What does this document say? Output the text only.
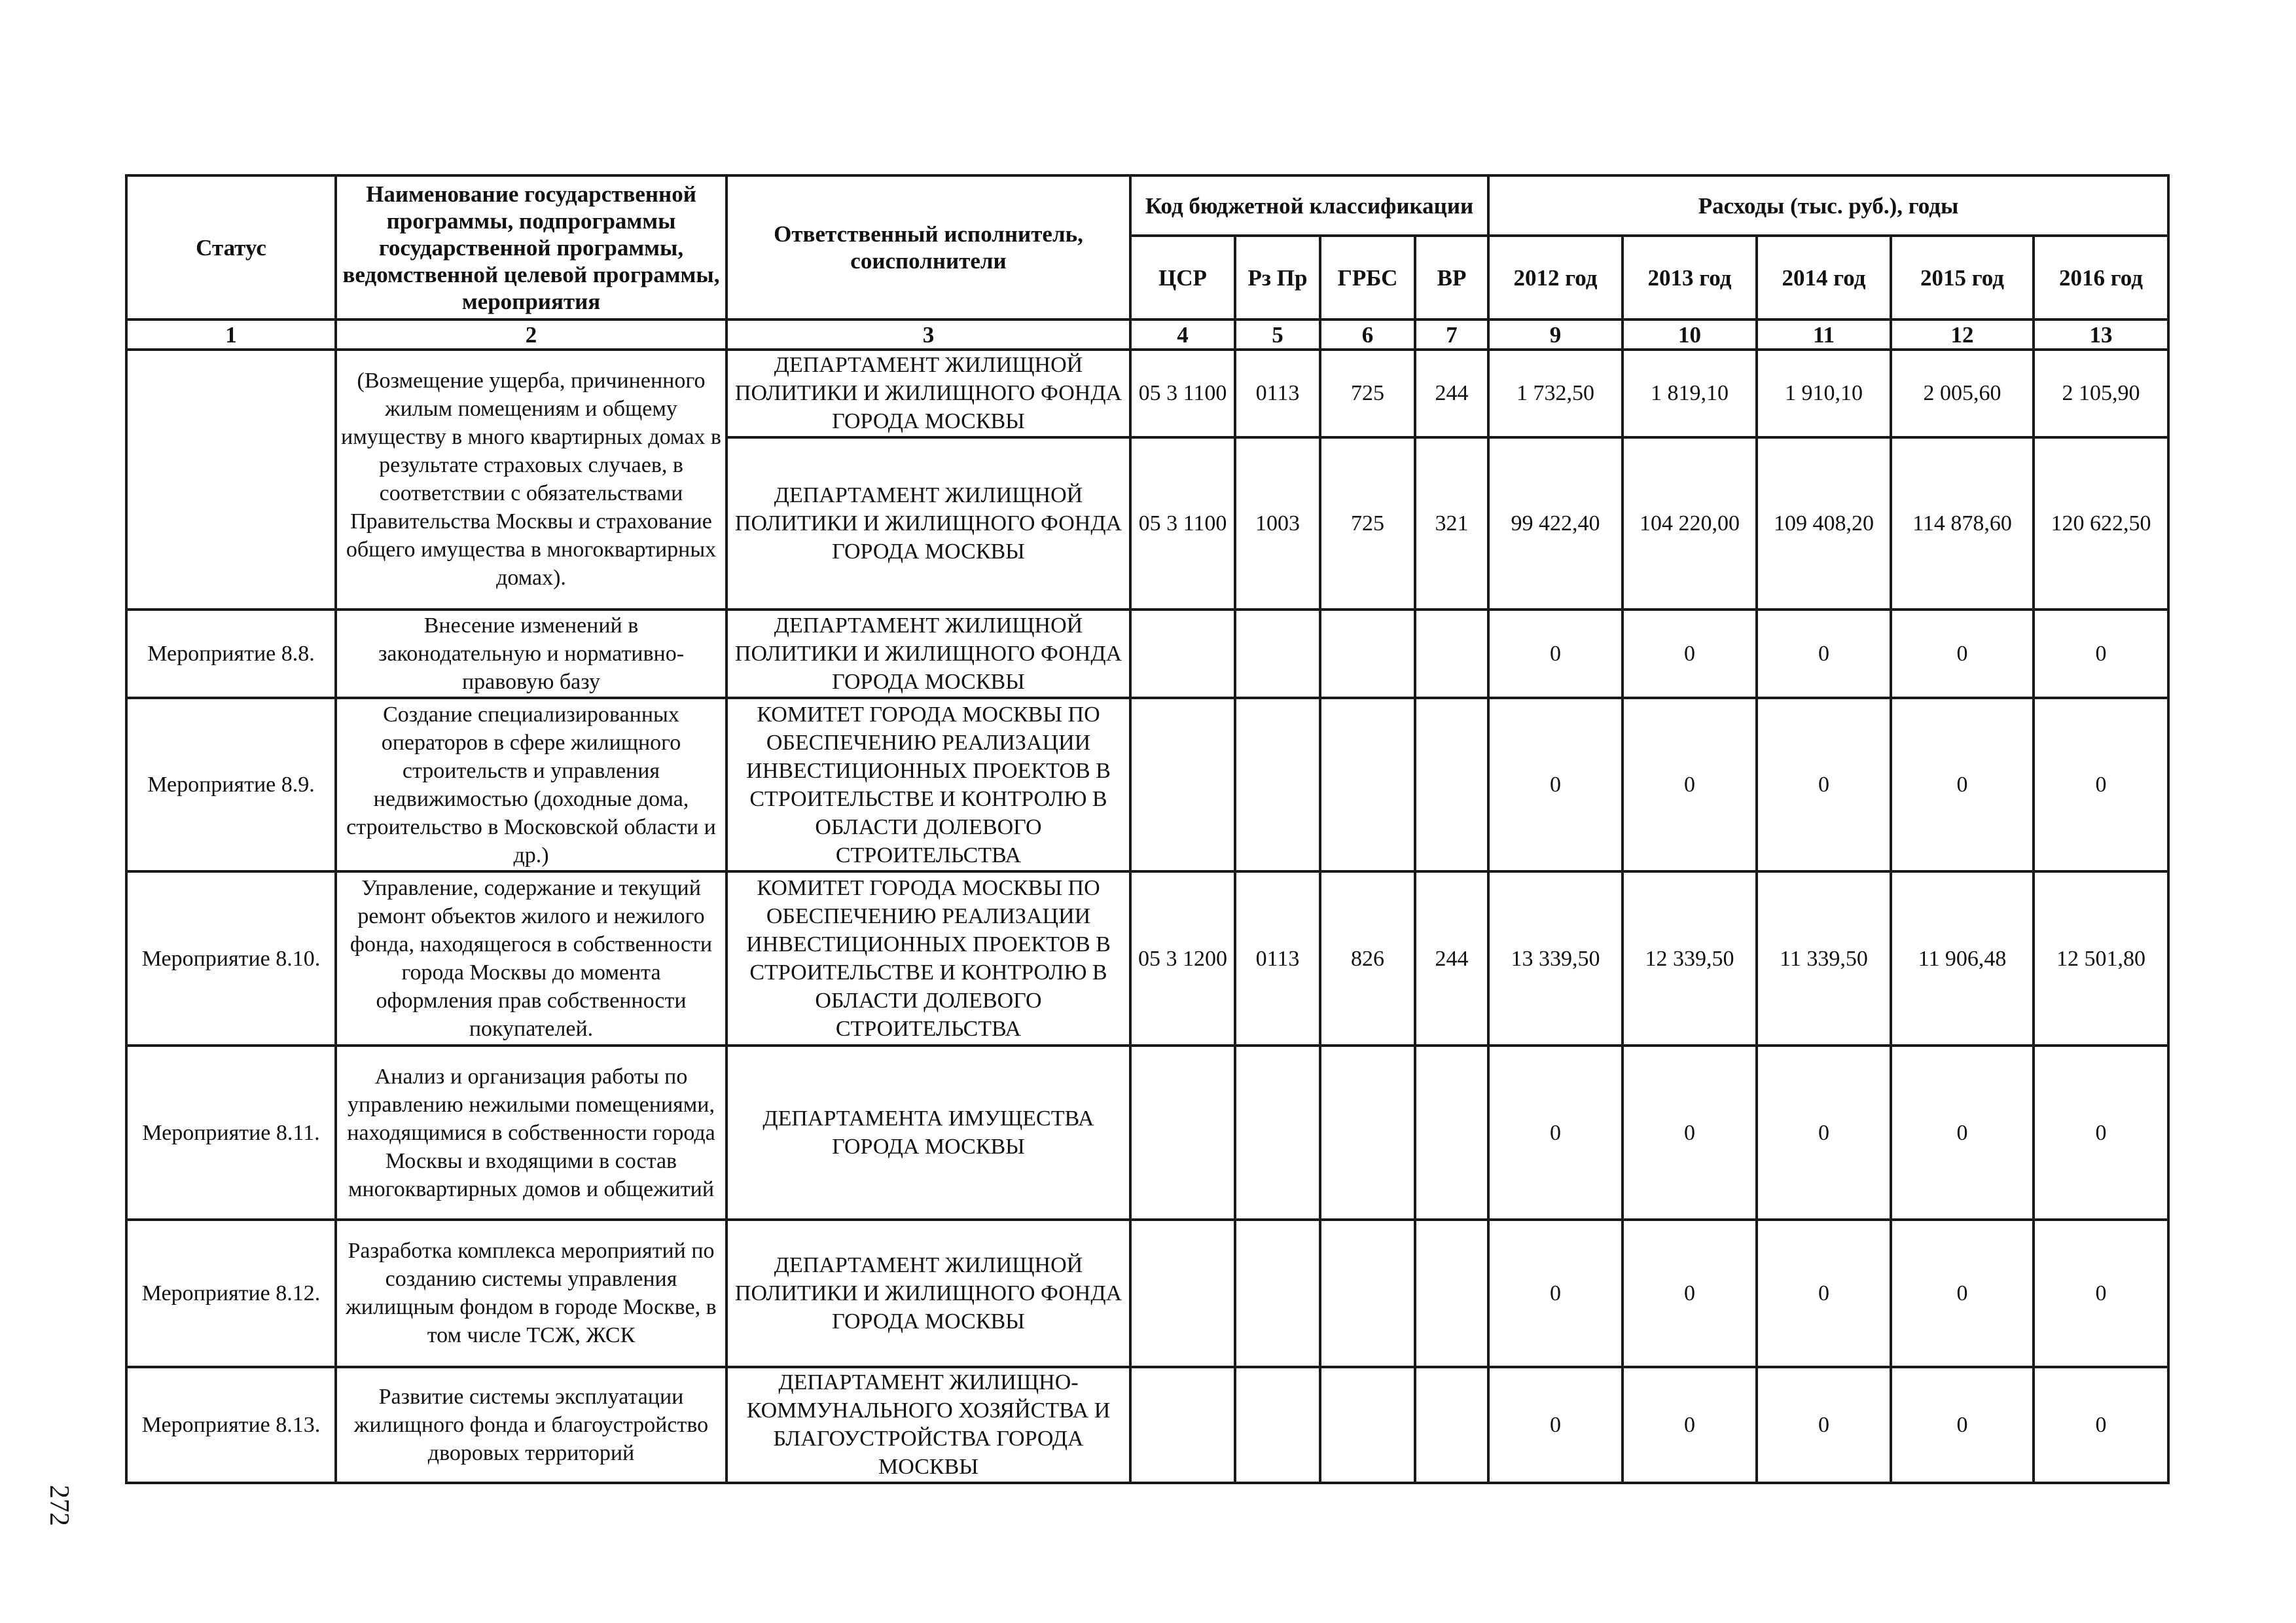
Статус	Наименование государственной программы, подпрограммы государственной программы, ведомственной целевой программы, мероприятия	Ответственный исполнитель, соисполнители	Код бюджетной классификации				Расходы (тыс. руб.), годы				
			ЦСР	Рз Пр	ГРБС	ВР	2012 год	2013 год	2014 год	2015 год	2016 год
1	2	3	4	5	6	7	9	10	11	12	13
	(Возмещение ущерба, причиненного жилым помещениям и общему имуществу в много квартирных домах в результате страховых случаев, в соответствии с обязательствами Правительства Москвы и страхование общего имущества в многоквартирных домах).	ДЕПАРТАМЕНТ ЖИЛИЩНОЙ ПОЛИТИКИ И ЖИЛИЩНОГО ФОНДА ГОРОДА МОСКВЫ	05 3 1100	0113	725	244	1 732,50	1 819,10	1 910,10	2 005,60	2 105,90
		ДЕПАРТАМЕНТ ЖИЛИЩНОЙ ПОЛИТИКИ И ЖИЛИЩНОГО ФОНДА ГОРОДА МОСКВЫ	05 3 1100	1003	725	321	99 422,40	104 220,00	109 408,20	114 878,60	120 622,50
Мероприятие 8.8.	Внесение изменений в законодательную и нормативно-правовую базу	ДЕПАРТАМЕНТ ЖИЛИЩНОЙ ПОЛИТИКИ И ЖИЛИЩНОГО ФОНДА ГОРОДА МОСКВЫ					0	0	0	0	0
Мероприятие 8.9.	Создание специализированных операторов в сфере жилищного строительств и управления недвижимостью (доходные дома, строительство в Московской области и др.)	КОМИТЕТ ГОРОДА МОСКВЫ ПО ОБЕСПЕЧЕНИЮ РЕАЛИЗАЦИИ ИНВЕСТИЦИОННЫХ ПРОЕКТОВ В СТРОИТЕЛЬСТВЕ И КОНТРОЛЮ В ОБЛАСТИ ДОЛЕВОГО СТРОИТЕЛЬСТВА					0	0	0	0	0
Мероприятие 8.10.	Управление, содержание и текущий ремонт объектов жилого и нежилого фонда, находящегося в собственности города Москвы до момента оформления прав собственности покупателей.	КОМИТЕТ ГОРОДА МОСКВЫ ПО ОБЕСПЕЧЕНИЮ РЕАЛИЗАЦИИ ИНВЕСТИЦИОННЫХ ПРОЕКТОВ В СТРОИТЕЛЬСТВЕ И КОНТРОЛЮ В ОБЛАСТИ ДОЛЕВОГО СТРОИТЕЛЬСТВА	05 3 1200	0113	826	244	13 339,50	12 339,50	11 339,50	11 906,48	12 501,80
Мероприятие 8.11.	Анализ и организация работы по управлению нежилыми помещениями, находящимися в собственности города Москвы и входящими в состав многоквартирных домов и общежитий	ДЕПАРТАМЕНТА ИМУЩЕСТВА ГОРОДА МОСКВЫ					0	0	0	0	0
Мероприятие 8.12.	Разработка комплекса мероприятий по созданию системы управления жилищным фондом в городе Москве, в том числе ТСЖ, ЖСК	ДЕПАРТАМЕНТ ЖИЛИЩНОЙ ПОЛИТИКИ И ЖИЛИЩНОГО ФОНДА ГОРОДА МОСКВЫ					0	0	0	0	0
Мероприятие 8.13.	Развитие системы эксплуатации жилищного фонда и благоустройство дворовых территорий	ДЕПАРТАМЕНТ ЖИЛИЩНО-КОММУНАЛЬНОГО ХОЗЯЙСТВА И БЛАГОУСТРОЙСТВА ГОРОДА МОСКВЫ					0	0	0	0	0
272
